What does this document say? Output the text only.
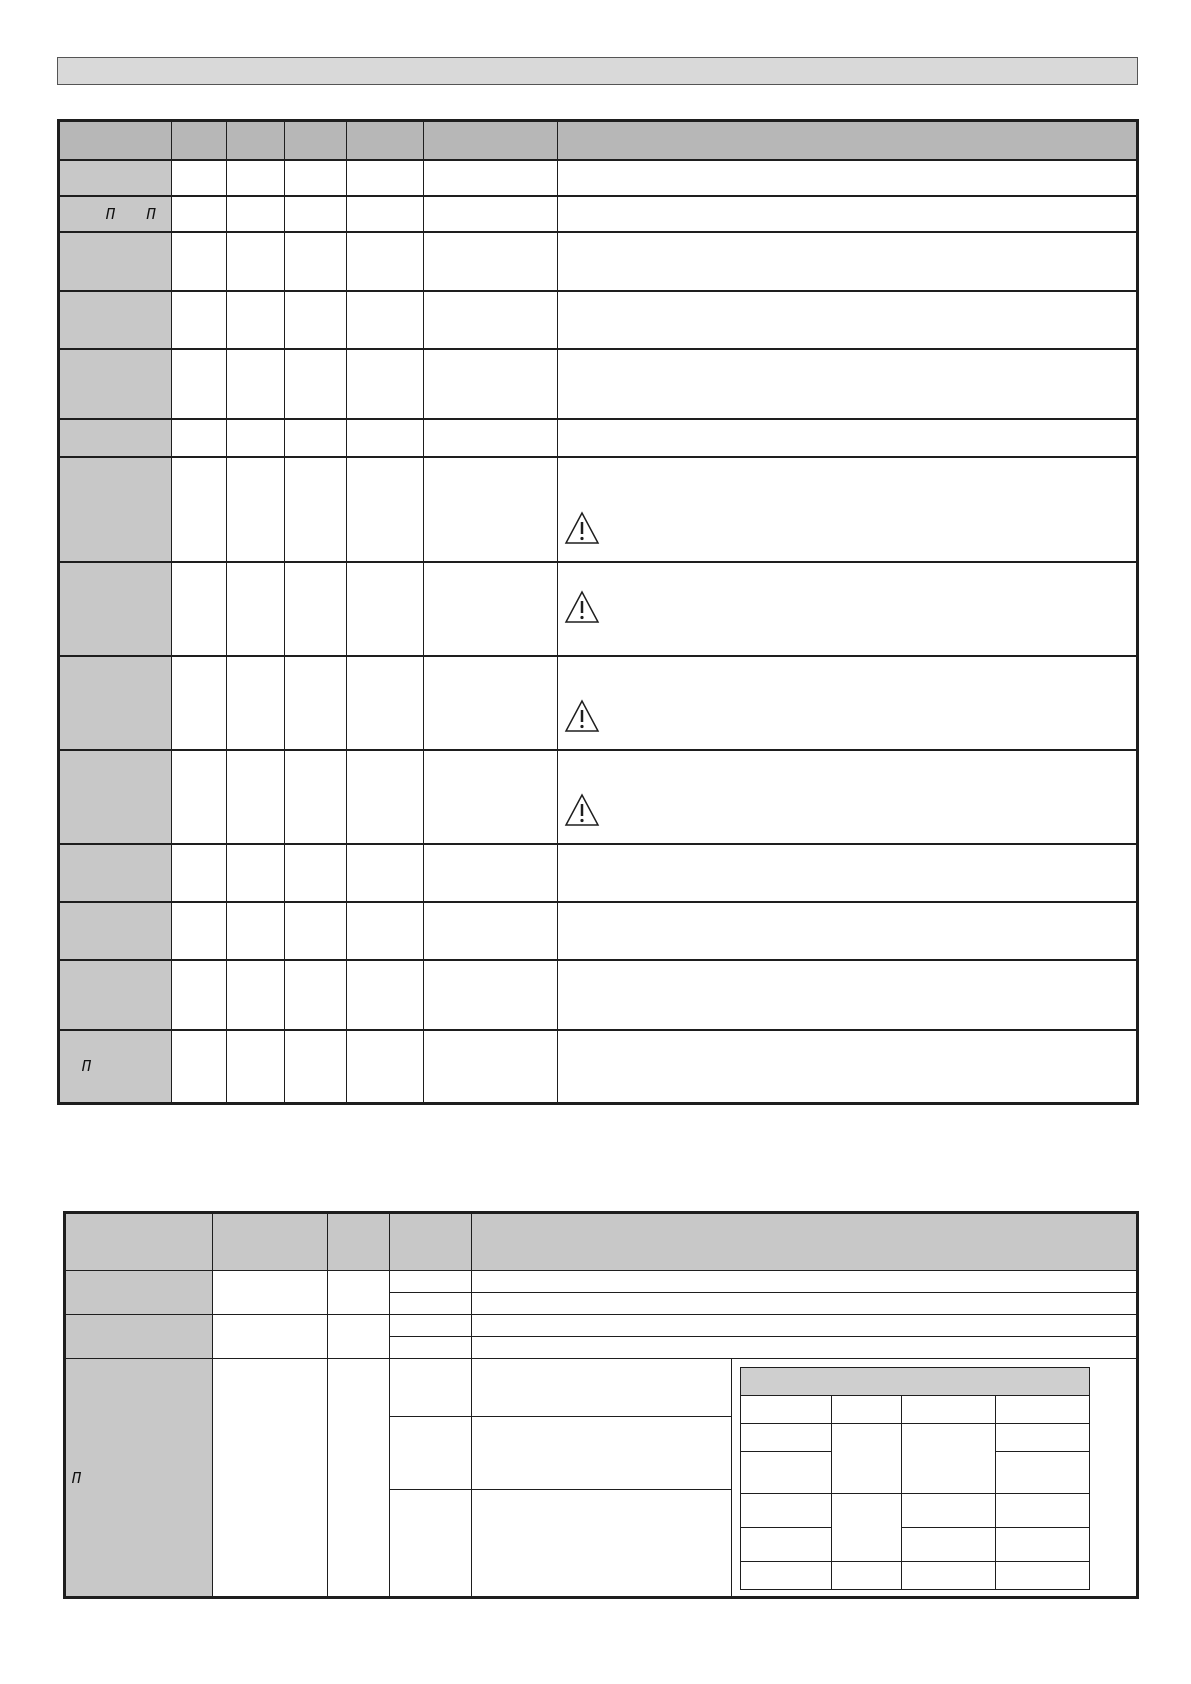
Π Π						

Π						

Π					
